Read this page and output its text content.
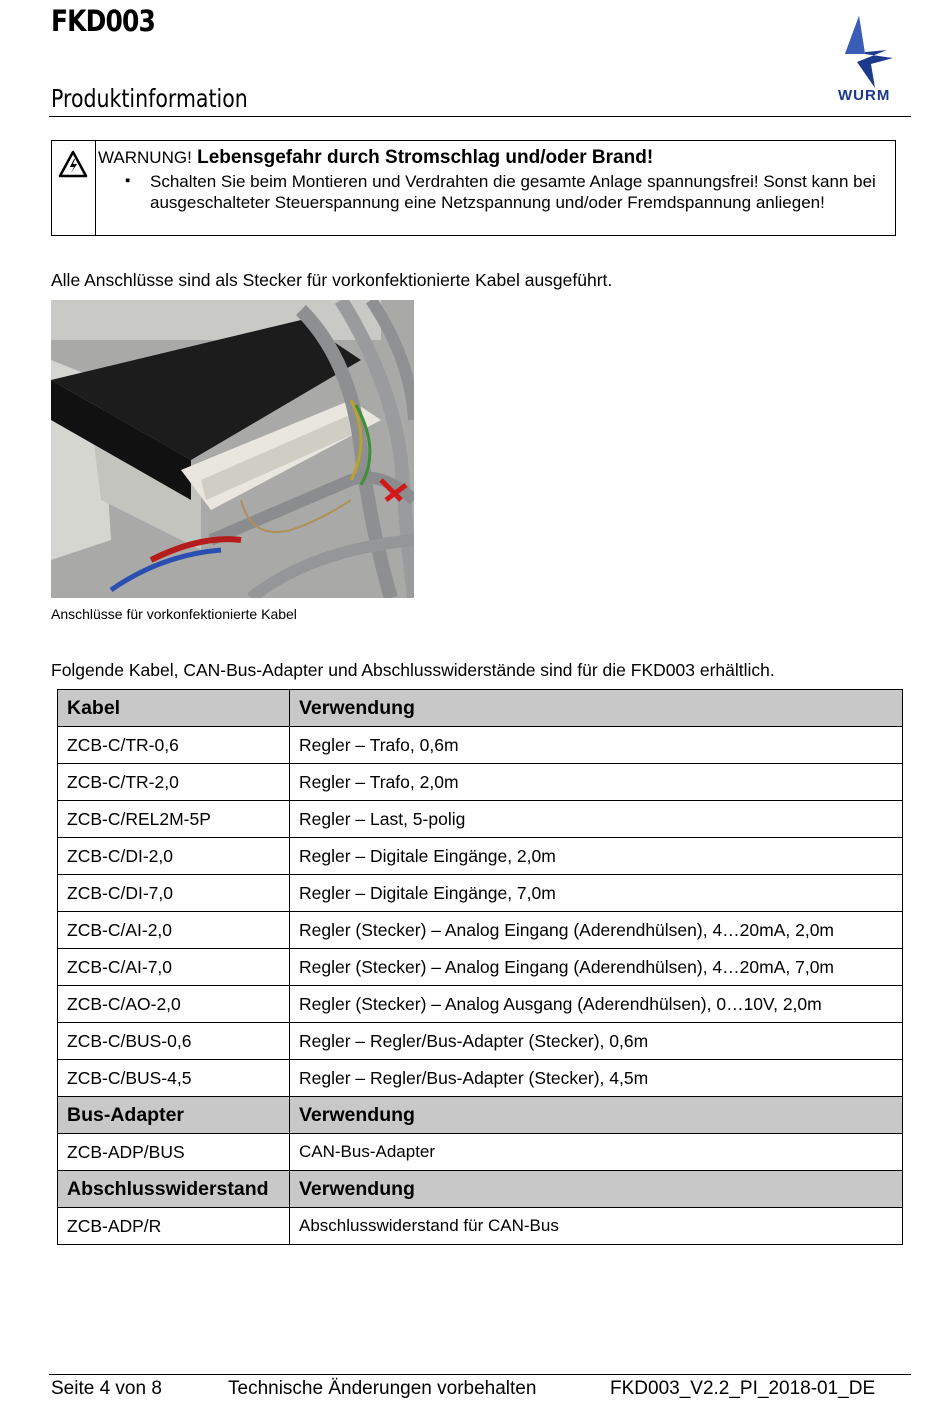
FKD003
Produktinformation	WURM
WARNUNG! Lebensgefahr durch Stromschlag und/oder Brand!
▪ Schalten Sie beim Montieren und Verdrahten die gesamte Anlage spannungsfrei! Sonst kann bei ausgeschalteter Steuerspannung eine Netzspannung und/oder Fremdspannung anliegen!
Alle Anschlüsse sind als Stecker für vorkonfektionierte Kabel ausgeführt.
Anschlüsse für vorkonfektionierte Kabel
Folgende Kabel, CAN-Bus-Adapter und Abschlusswiderstände sind für die FKD003 erhältlich.
Kabel	Verwendung
ZCB-C/TR-0,6	Regler – Trafo, 0,6m
ZCB-C/TR-2,0	Regler – Trafo, 2,0m
ZCB-C/REL2M-5P	Regler – Last, 5-polig
ZCB-C/DI-2,0	Regler – Digitale Eingänge, 2,0m
ZCB-C/DI-7,0	Regler – Digitale Eingänge, 7,0m
ZCB-C/AI-2,0	Regler (Stecker) – Analog Eingang (Aderendhülsen), 4…20mA, 2,0m
ZCB-C/AI-7,0	Regler (Stecker) – Analog Eingang (Aderendhülsen), 4…20mA, 7,0m
ZCB-C/AO-2,0	Regler (Stecker) – Analog Ausgang (Aderendhülsen), 0…10V, 2,0m
ZCB-C/BUS-0,6	Regler – Regler/Bus-Adapter (Stecker), 0,6m
ZCB-C/BUS-4,5	Regler – Regler/Bus-Adapter (Stecker), 4,5m
Bus-Adapter	Verwendung
ZCB-ADP/BUS	CAN-Bus-Adapter
Abschlusswiderstand	Verwendung
ZCB-ADP/R	Abschlusswiderstand für CAN-Bus
Seite 4 von 8	Technische Änderungen vorbehalten	FKD003_V2.2_PI_2018-01_DE
